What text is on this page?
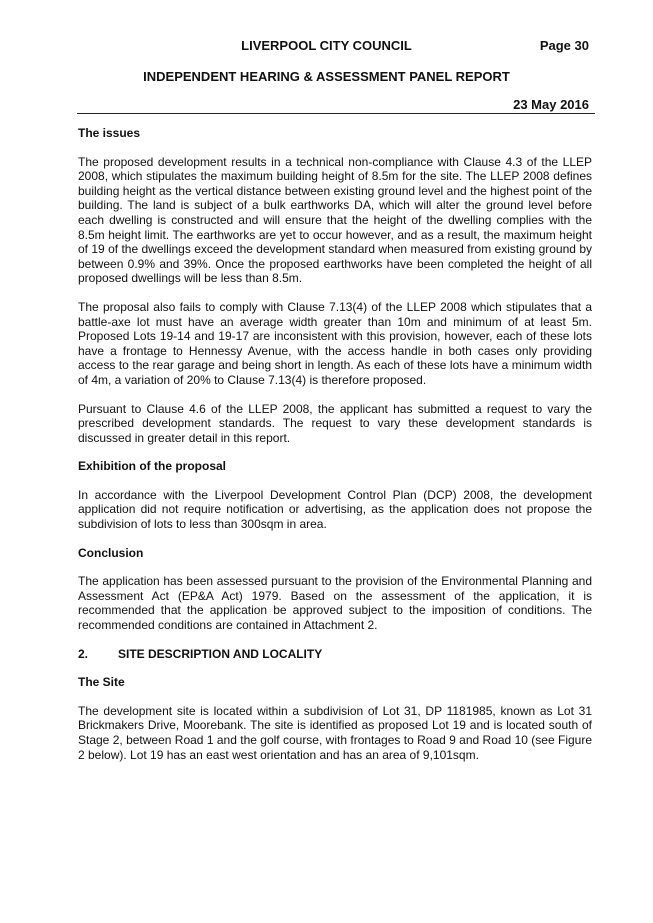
LIVERPOOL CITY COUNCIL	Page 30
INDEPENDENT HEARING & ASSESSMENT PANEL REPORT
23 May 2016
The issues

The proposed development results in a technical non-compliance with Clause 4.3 of the LLEP 2008, which stipulates the maximum building height of 8.5m for the site. The LLEP 2008 defines building height as the vertical distance between existing ground level and the highest point of the building. The land is subject of a bulk earthworks DA, which will alter the ground level before each dwelling is constructed and will ensure that the height of the dwelling complies with the 8.5m height limit. The earthworks are yet to occur however, and as a result, the maximum height of 19 of the dwellings exceed the development standard when measured from existing ground by between 0.9% and 39%. Once the proposed earthworks have been completed the height of all proposed dwellings will be less than 8.5m.

The proposal also fails to comply with Clause 7.13(4) of the LLEP 2008 which stipulates that a battle-axe lot must have an average width greater than 10m and minimum of at least 5m. Proposed Lots 19-14 and 19-17 are inconsistent with this provision, however, each of these lots have a frontage to Hennessy Avenue, with the access handle in both cases only providing access to the rear garage and being short in length. As each of these lots have a minimum width of 4m, a variation of 20% to Clause 7.13(4) is therefore proposed.

Pursuant to Clause 4.6 of the LLEP 2008, the applicant has submitted a request to vary the prescribed development standards. The request to vary these development standards is discussed in greater detail in this report.

Exhibition of the proposal

In accordance with the Liverpool Development Control Plan (DCP) 2008, the development application did not require notification or advertising, as the application does not propose the subdivision of lots to less than 300sqm in area.

Conclusion

The application has been assessed pursuant to the provision of the Environmental Planning and Assessment Act (EP&A Act) 1979. Based on the assessment of the application, it is recommended that the application be approved subject to the imposition of conditions. The recommended conditions are contained in Attachment 2.

2. SITE DESCRIPTION AND LOCALITY
The Site

The development site is located within a subdivision of Lot 31, DP 1181985, known as Lot 31 Brickmakers Drive, Moorebank. The site is identified as proposed Lot 19 and is located south of Stage 2, between Road 1 and the golf course, with frontages to Road 9 and Road 10 (see Figure 2 below). Lot 19 has an east west orientation and has an area of 9,101sqm.
